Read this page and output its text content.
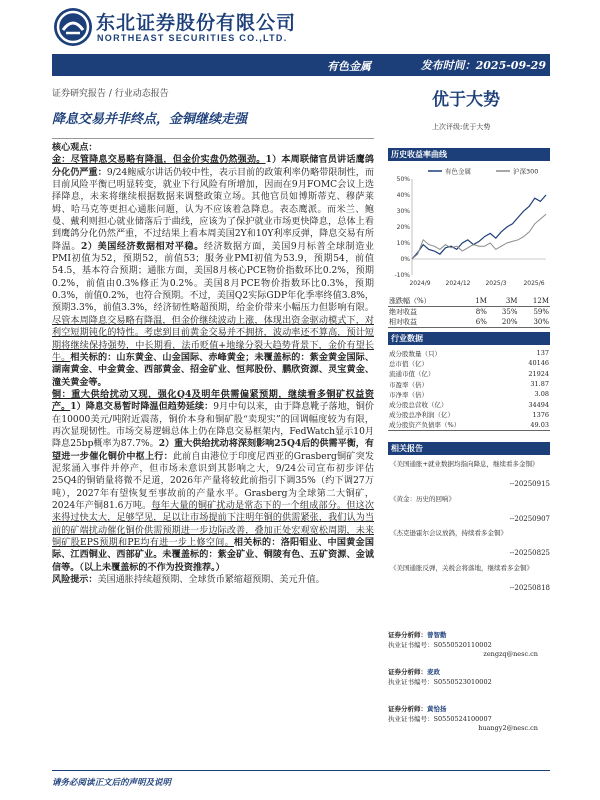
东北证券股份有限公司
NORTHEAST SECURITIES CO.,LTD.
有色金属	发布时间：2025-09-29
证券研究报告 / 行业动态报告	优于大势
降息交易并非终点，金铜继续走强	上次评级:优于大势

核心观点：

金：尽管降息交易略有降温，但金价实盘仍然强劲。1）本周联储官员讲话鹰鸽分化仍严重：9/24鲍威尔讲话仍较中性，表示目前的政策利率仍略带限制性，而目前风险平衡已明显转变，就业下行风险有所增加，因而在9月FOMC会议上选择降息，未来将继续根据数据来调整政策立场。其他官员如博斯蒂克、穆萨莱姆、哈马克等更担心通胀问题，认为不应该着急降息。表态鹰派。而米兰、鲍曼、戴利则担心就业储落后于曲线，应该为了保护就业市场更快降息，总体上看到鹰鸽分化仍然严重，不过结果上看本周美国2Y和10Y利率反弹，降息交易有所降温。2）美国经济数据相对平稳。经济数据方面，美国9月标普全球制造业PMI初值为52，预期52，前值53；服务业PMI初值为53.9，预期54，前值54.5，基本符合预期；通胀方面，美国8月核心PCE物价指数环比0.2%，预期0.2%，前值由0.3%修正为0.2%。美国8月PCE物价指数环比0.3%，预期0.3%，前值0.2%，也符合预期。不过，美国Q2实际GDP年化季率终值3.8%，预期3.3%，前值3.3%，经济韧性略超预期，给金价带来小幅压力但影响有限。尽管本周降息交易略有降温，但金价继续波动上涨，体现出资金驱动模式下，对利空短期钝化的特性。考虑到目前黄金交易并不拥挤，波动率还不算高，预计短期将继续保持强势，中长期看，法币贬值+地缘分裂大趋势背景下，金价有望长牛。相关标的：山东黄金、山金国际、赤峰黄金；未覆盖标的：紫金黄金国际、湖南黄金、中金黄金、西部黄金、招金矿业、恒邦股份、鹏欣资源、灵宝黄金、潼关黄金等。

铜：重大供给扰动又现，强化Q4及明年供需偏紧预期，继续看多铜矿权益资产。1）降息交易暂时降温但趋势延续：9月中旬以来，由于降息靴子落地，铜价在10000美元/吨附近震荡，铜价本身和铜矿股“卖现实”的回调幅度较为有限，再次显现韧性。市场交易逻辑总体上仍在降息交易框架内，FedWatch显示10月降息25bp概率为87.7%。2）重大供给扰动将深刻影响25Q4后的供需平衡，有望进一步催化铜价中枢上行：此前自由港位于印度尼西亚的Grasberg铜矿突发泥浆涌入事件并停产，但市场未意识到其影响之大，9/24公司宣布初步评估25Q4的铜销量将微不足道，2026年产量将较此前指引下调35%（约下调27万吨），2027年有望恢复至事故前的产量水平。Grasberg为全球第二大铜矿，2024年产铜81.6万吨。每年大量的铜矿扰动是常态下的一个组成部分。但这次来得过快太大，足够罕见，足以让市场提前下注明年铜的供需紧张，我们认为当前的矿端扰动催化铜价供需预期进一步边际改善，叠加正处宏观宽松周期，未来铜矿股EPS预期和PE均有进一步上修空间。相关标的：洛阳钼业、中国黄金国际、江西铜业、西部矿业。未覆盖标的：紫金矿业、铜陵有色、五矿资源、金诚信等。（以上未覆盖标的不作为投资推荐。）

风险提示：美国通胀持续超预期、全球货币紧缩超预期、美元升值。

历史收益率曲线
50%
40%
30%
20%
10%
0%
-10%
2024/9 2024/12 2025/3	2025/6
有色金属	沪深300
涨跌幅（%）	1M	3M	12M
绝对收益	8%	35%	59%
相对收益	6%	20%	30%
行业数据
成分股数量（只）	137
总市值（亿）	40146
流通市值（亿）	21924
市盈率（倍）	31.87
市净率（倍）	3.08
成分股总营收（亿）	34494
成分股总净利润（亿）	1376
成分股资产负债率（%）	49.03
相关报告
《美国通胀+就业数据均指向降息，继续看多金铜》
--20250915
《黄金：历史的回响》
--20250907
《杰克逊霍尔会议放鸽，持续看多金铜》
--20250825
《美国通胀反弹，关税会将落地，继续看多金铜》
--20250818
证券分析师：曾智勤
执业证书编号：S0550520110002
zengzq@nesc.cn
证券分析师：麦政
执业证书编号：S0550523010002
证券分析师：黄恰扬
执业证书编号：S0550524100007
huangy2@nesc.cn
请务必阅读正文后的声明及说明
